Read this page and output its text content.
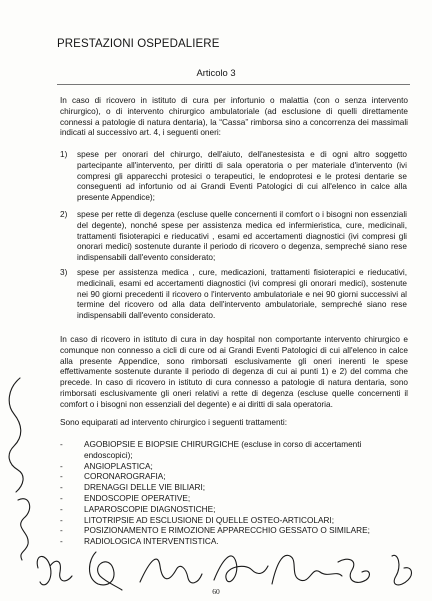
PRESTAZIONI OSPEDALIERE
Articolo 3
In caso di ricovero in istituto di cura per infortunio o malattia (con o senza intervento chirurgico), o di intervento chirurgico ambulatoriale (ad esclusione di quelli direttamente connessi a patologie di natura dentaria), la “Cassa” rimborsa sino a concorrenza dei massimali indicati al successivo art. 4, i seguenti oneri:
1) spese per onorari del chirurgo, dell'aiuto, dell'anestesista e di ogni altro soggetto partecipante all'intervento, per diritti di sala operatoria o per materiale d'intervento (ivi compresi gli apparecchi protesici o terapeutici, le endoprotesi e le protesi dentarie se conseguenti ad infortunio od ai Grandi Eventi Patologici di cui all'elenco in calce alla presente Appendice);
2) spese per rette di degenza (escluse quelle concernenti il comfort o i bisogni non essenziali del degente), nonché spese per assistenza medica ed infermieristica, cure, medicinali, trattamenti fisioterapici e rieducativi , esami ed accertamenti diagnostici (ivi compresi gli onorari medici) sostenute durante il periodo di ricovero o degenza, sempreché siano rese indispensabili dall'evento considerato;
3) spese per assistenza medica , cure, medicazioni, trattamenti fisioterapici e rieducativi, medicinali, esami ed accertamenti diagnostici (ivi compresi gli onorari medici), sostenute nei 90 giorni precedenti il ricovero o l'intervento ambulatoriale e nei 90 giorni successivi al termine del ricovero od alla data dell'intervento ambulatoriale, sempreché siano rese indispensabili dall'evento considerato.
In caso di ricovero in istituto di cura in day hospital non comportante intervento chirurgico e comunque non connesso a cicli di cure od ai Grandi Eventi Patologici di cui all'elenco in calce alla presente Appendice, sono rimborsati esclusivamente gli oneri inerenti le spese effettivamente sostenute durante il periodo di degenza di cui ai punti 1) e 2) del comma che precede. In caso di ricovero in istituto di cura connesso a patologie di natura dentaria, sono rimborsati esclusivamente gli oneri relativi a rette di degenza (escluse quelle concernenti il comfort o i bisogni non essenziali del degente) e ai diritti di sala operatoria.
Sono equiparati ad intervento chirurgico i seguenti trattamenti:
-	AGOBIOPSIE E BIOPSIE CHIRURGICHE (escluse in corso di accertamenti endoscopici);
-	ANGIOPLASTICA;
-	CORONAROGRAFIA;
-	DRENAGGI DELLE VIE BILIARI;
-	ENDOSCOPIE OPERATIVE;
-	LAPAROSCOPIE DIAGNOSTICHE;
-	LITOTRIPSIE AD ESCLUSIONE DI QUELLE OSTEO-ARTICOLARI;
-	POSIZIONAMENTO E RIMOZIONE APPARECCHIO GESSATO O SIMILARE;
-	RADIOLOGICA INTERVENTISTICA.
60
